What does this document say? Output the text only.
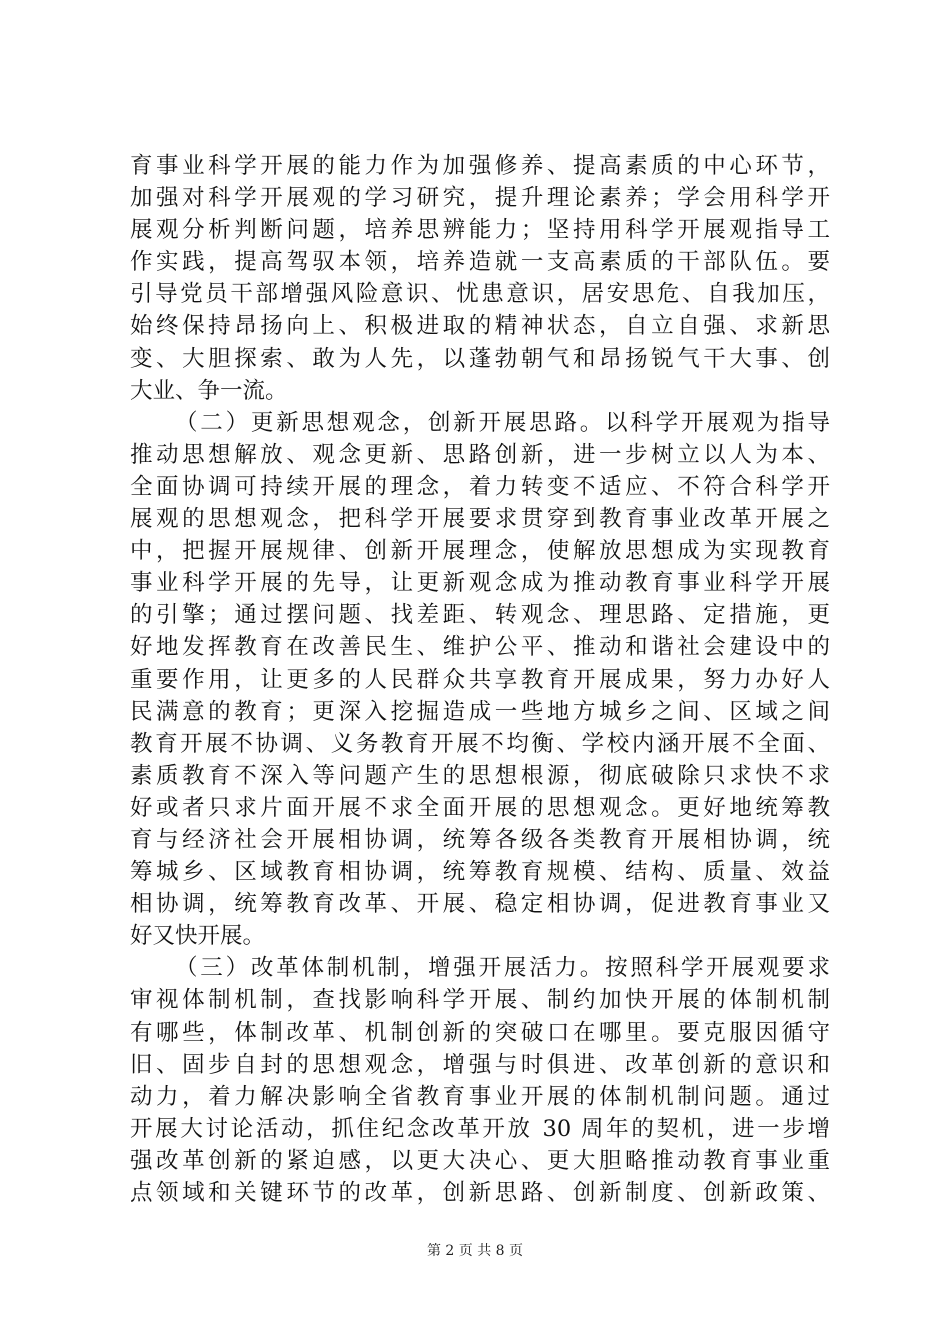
育事业科学开展的能力作为加强修养、提高素质的中心环节，
加强对科学开展观的学习研究，提升理论素养；学会用科学开
展观分析判断问题，培养思辨能力；坚持用科学开展观指导工
作实践，提高驾驭本领，培养造就一支高素质的干部队伍。要
引导党员干部增强风险意识、忧患意识，居安思危、自我加压，
始终保持昂扬向上、积极进取的精神状态，自立自强、求新思
变、大胆探索、敢为人先，以蓬勃朝气和昂扬锐气干大事、创
大业、争一流。
（二）更新思想观念，创新开展思路。以科学开展观为指导
推动思想解放、观念更新、思路创新，进一步树立以人为本、
全面协调可持续开展的理念，着力转变不适应、不符合科学开
展观的思想观念，把科学开展要求贯穿到教育事业改革开展之
中，把握开展规律、创新开展理念，使解放思想成为实现教育
事业科学开展的先导，让更新观念成为推动教育事业科学开展
的引擎；通过摆问题、找差距、转观念、理思路、定措施，更
好地发挥教育在改善民生、维护公平、推动和谐社会建设中的
重要作用，让更多的人民群众共享教育开展成果，努力办好人
民满意的教育；更深入挖掘造成一些地方城乡之间、区域之间
教育开展不协调、义务教育开展不均衡、学校内涵开展不全面、
素质教育不深入等问题产生的思想根源，彻底破除只求快不求
好或者只求片面开展不求全面开展的思想观念。更好地统筹教
育与经济社会开展相协调，统筹各级各类教育开展相协调，统
筹城乡、区域教育相协调，统筹教育规模、结构、质量、效益
相协调，统筹教育改革、开展、稳定相协调，促进教育事业又
好又快开展。
（三）改革体制机制，增强开展活力。按照科学开展观要求
审视体制机制，查找影响科学开展、制约加快开展的体制机制
有哪些，体制改革、机制创新的突破口在哪里。要克服因循守
旧、固步自封的思想观念，增强与时俱进、改革创新的意识和
动力，着力解决影响全省教育事业开展的体制机制问题。通过
开展大讨论活动，抓住纪念改革开放 30 周年的契机，进一步增
强改革创新的紧迫感，以更大决心、更大胆略推动教育事业重
点领域和关键环节的改革，创新思路、创新制度、创新政策、
第 2 页 共 8 页
